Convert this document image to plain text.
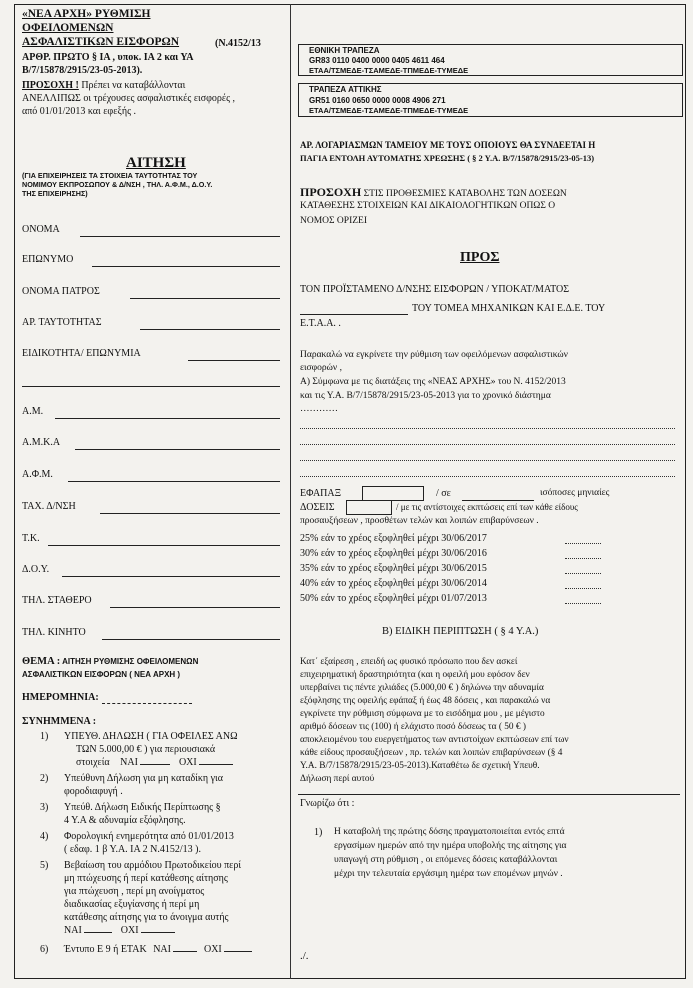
«ΝΕΑ ΑΡΧΗ» ΡΥΘΜΙΣΗ
ΟΦΕΙΛΟΜΕΝΩΝ
ΑΣΦΑΛΙΣΤΙΚΩΝ ΕΙΣΦΟΡΩΝ	(Ν.4152/13
ΑΡΘΡ. ΠΡΩΤΟ § ΙΑ , υποκ. ΙΑ 2 και ΥΑ
Β/7/15878/2915/23-05-2013).
ΠΡΟΣΟΧΗ ! Πρέπει να καταβάλλονται
ΑΝΕΛΛΙΠΩΣ οι τρέχουσες ασφαλιστικές εισφορές ,
από 01/01/2013 και εφεξής .
ΑΙΤΗΣΗ
(ΓΙΑ ΕΠΙΧΕΙΡΗΣΕΙΣ ΤΑ ΣΤΟΙΧΕΙΑ ΤΑΥΤΟΤΗΤΑΣ ΤΟΥ
ΝΟΜΙΜΟΥ ΕΚΠΡΟΣΩΠΟΥ & Δ/ΝΣΗ , ΤΗΛ. Α.Φ.Μ., Δ.Ο.Υ.
ΤΗΣ ΕΠΙΧΕΙΡΗΣΗΣ)
ΟΝΟΜΑ
ΕΠΩΝΥΜΟ
ΟΝΟΜΑ ΠΑΤΡΟΣ
ΑΡ. ΤΑΥΤΟΤΗΤΑΣ
ΕΙΔΙΚΟΤΗΤΑ/ ΕΠΩΝΥΜΙΑ
Α.Μ.
Α.Μ.Κ.Α
Α.Φ.Μ.
ΤΑΧ. Δ/ΝΣΗ
Τ.Κ.
Δ.Ο.Υ.
ΤΗΛ. ΣΤΑΘΕΡΟ
ΤΗΛ. ΚΙΝΗΤΟ
ΘΕΜΑ : ΑΙΤΗΣΗ ΡΥΘΜΙΣΗΣ ΟΦΕΙΛΟΜΕΝΩΝ
ΑΣΦΑΛΙΣΤΙΚΩΝ ΕΙΣΦΟΡΩΝ ( ΝΕΑ ΑΡΧΗ )
ΗΜΕΡΟΜΗΝΙΑ:
ΣΥΝΗΜΜΕΝΑ :
1) ΥΠΕΥΘ. ΔΗΛΩΣΗ ( ΓΙΑ ΟΦΕΙΛΕΣ ΑΝΩ
ΤΩΝ 5.000,00 € ) για περιουσιακά
στοιχεία ΝΑΙ	ΟΧΙ
2) Υπεύθυνη Δήλωση για μη καταδίκη για
φοροδιαφυγή .
3) Υπεύθ. Δήλωση Ειδικής Περίπτωσης §
4 Υ.Α & αδυναμία εξόφλησης.
4) Φορολογική ενημερότητα από 01/01/2013
( εδαφ. 1 β Υ.Α. ΙΑ 2 Ν.4152/13 ).
5) Βεβαίωση του αρμόδιου Πρωτοδικείου περί
μη πτώχευσης ή περί κατάθεσης αίτησης
για πτώχευση , περί μη ανοίγματος
διαδικασίας εξυγίανσης ή περί μη
κατάθεσης αίτησης για το άνοιγμα αυτής
ΝΑΙ	ΟΧΙ
6) Έντυπο Ε 9 ή ΕΤΑΚ ΝΑΙ	ΟΧΙ
ΕΘΝΙΚΗ ΤΡΑΠΕΖΑ
GR83 0110 0400 0000 0405 4611 464
ΕΤΑΑ/ΤΣΜΕΔΕ-ΤΣΑΜΕΔΕ-ΤΠΜΕΔΕ-ΤΥΜΕΔΕ
ΤΡΑΠΕΖΑ ΑΤΤΙΚΗΣ
GR51 0160 0650 0000 0008 4906 271
ΕΤΑΑ/ΤΣΜΕΔΕ-ΤΣΑΜΕΔΕ-ΤΠΜΕΔΕ-ΤΥΜΕΔΕ
ΑΡ. ΛΟΓΑΡΙΑΣΜΩΝ ΤΑΜΕΙΟΥ ΜΕ ΤΟΥΣ ΟΠΟΙΟΥΣ ΘΑ ΣΥΝΔΕΕΤΑΙ Η
ΠΑΓΙΑ ΕΝΤΟΛΗ ΑΥΤΟΜΑΤΗΣ ΧΡΕΩΣΗΣ ( § 2 Υ.Α. Β/7/15878/2915/23-05-13)
ΠΡΟΣΟΧΗ ΣΤΙΣ ΠΡΟΘΕΣΜΙΕΣ ΚΑΤΑΒΟΛΗΣ ΤΩΝ ΔΟΣΕΩΝ
ΚΑΤΑΘΕΣΗΣ ΣΤΟΙΧΕΙΩΝ ΚΑΙ ΔΙΚΑΙΟΛΟΓΗΤΙΚΩΝ ΟΠΩΣ Ο
ΝΟΜΟΣ ΟΡΙΖΕΙ
ΠΡΟΣ
ΤΟΝ ΠΡΟΪΣΤΑΜΕΝΟ Δ/ΝΣΗΣ ΕΙΣΦΟΡΩΝ / ΥΠΟΚΑΤ/ΜΑΤΟΣ
ΤΟΥ ΤΟΜΕΑ ΜΗΧΑΝΙΚΩΝ ΚΑΙ Ε.Δ.Ε. ΤΟΥ
Ε.Τ.Α.Α. .
Παρακαλώ να εγκρίνετε την ρύθμιση των οφειλόμενων ασφαλιστικών
εισφορών ,
Α) Σύμφωνα με τις διατάξεις της «ΝΕΑΣ ΑΡΧΗΣ» του Ν. 4152/2013
και τις Υ.Α. Β/7/15878/2915/23-05-2013 για το χρονικό διάστημα
…………
ΕΦΑΠΑΞ	/ σε	ισόποσες μηνιαίες
ΔΟΣΕΙΣ	/ με τις αντίστοιχες εκπτώσεις επί των κάθε είδους
προσαυξήσεων , προσθέτων τελών και λοιπών επιβαρύνσεων .
25% εάν το χρέος εξοφληθεί μέχρι 30/06/2017
30% εάν το χρέος εξοφληθεί μέχρι 30/06/2016
35% εάν το χρέος εξοφληθεί μέχρι 30/06/2015
40% εάν το χρέος εξοφληθεί μέχρι 30/06/2014
50% εάν το χρέος εξοφληθεί μέχρι 01/07/2013
Β) ΕΙΔΙΚΗ ΠΕΡΙΠΤΩΣΗ ( § 4 Υ.Α.)
Κατ΄ εξαίρεση , επειδή ως φυσικό πρόσωπο που δεν ασκεί
επιχειρηματική δραστηριότητα (και η οφειλή μου εφόσον δεν
υπερβαίνει τις πέντε χιλιάδες (5.000,00 € ) δηλώνω την αδυναμία
εξόφλησης της οφειλής εφάπαξ ή έως 48 δόσεις , και παρακαλώ να
εγκρίνετε την ρύθμιση σύμφωνα με το εισόδημα μου , με μέγιστο
αριθμό δόσεων τις (100) ή ελάχιστο ποσό δόσεως τα ( 50 € )
αποκλειομένου του ευεργετήματος των αντιστοίχων εκπτώσεων επί των
κάθε είδους προσαυξήσεων , πρ. τελών και λοιπών επιβαρύνσεων (§ 4
Υ.Α. Β/7/15878/2915/23-05-2013).Καταθέτω δε σχετική Υπευθ.
Δήλωση περί αυτού
Γνωρίζω ότι :
1) Η καταβολή της πρώτης δόσης πραγματοποιείται εντός επτά
εργασίμων ημερών από την ημέρα υποβολής της αίτησης για
υπαγωγή στη ρύθμιση , οι επόμενες δόσεις καταβάλλονται
μέχρι την τελευταία εργάσιμη ημέρα των επομένων μηνών .
./.
